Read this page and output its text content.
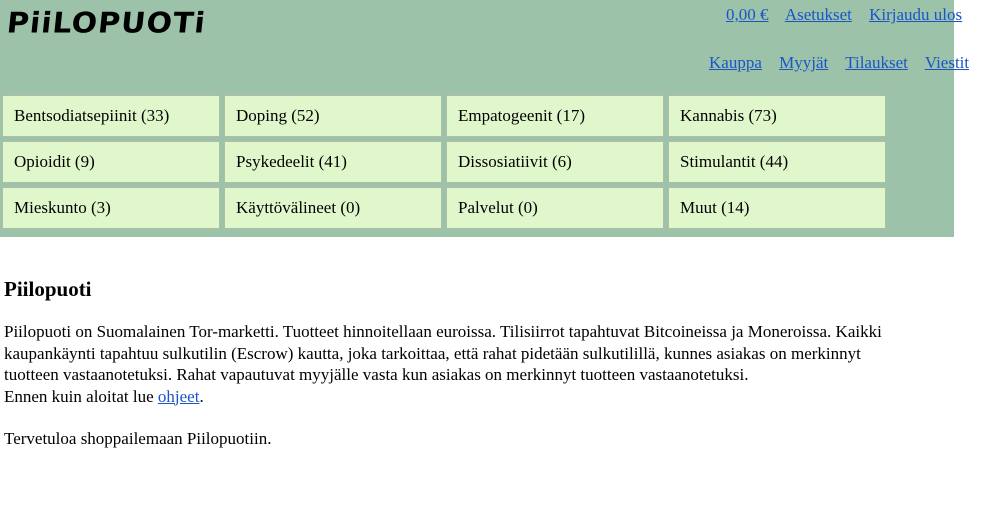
PiiLOPUOTi	0,00 € Asetukset Kirjaudu ulos
Kauppa Myyjät Tilaukset Viestit
Bentsodiatsepiinit (33)	Doping (52)	Empatogeenit (17)	Kannabis (73)
Opioidit (9)	Psykedeelit (41)	Dissosiatiivit (6)	Stimulantit (44)
Mieskunto (3)	Käyttövälineet (0)	Palvelut (0)	Muut (14)
Piilopuoti

Piilopuoti on Suomalainen Tor-marketti. Tuotteet hinnoitellaan euroissa. Tilisiirrot tapahtuvat Bitcoineissa ja Moneroissa. Kaikki kaupankäynti tapahtuu sulkutilin (Escrow) kautta, joka tarkoittaa, että rahat pidetään sulkutilillä, kunnes asiakas on merkinnyt tuotteen vastaanotetuksi. Rahat vapautuvat myyjälle vasta kun asiakas on merkinnyt tuotteen vastaanotetuksi.

Ennen kuin aloitat lue ohjeet.

Tervetuloa shoppailemaan Piilopuotiin.
